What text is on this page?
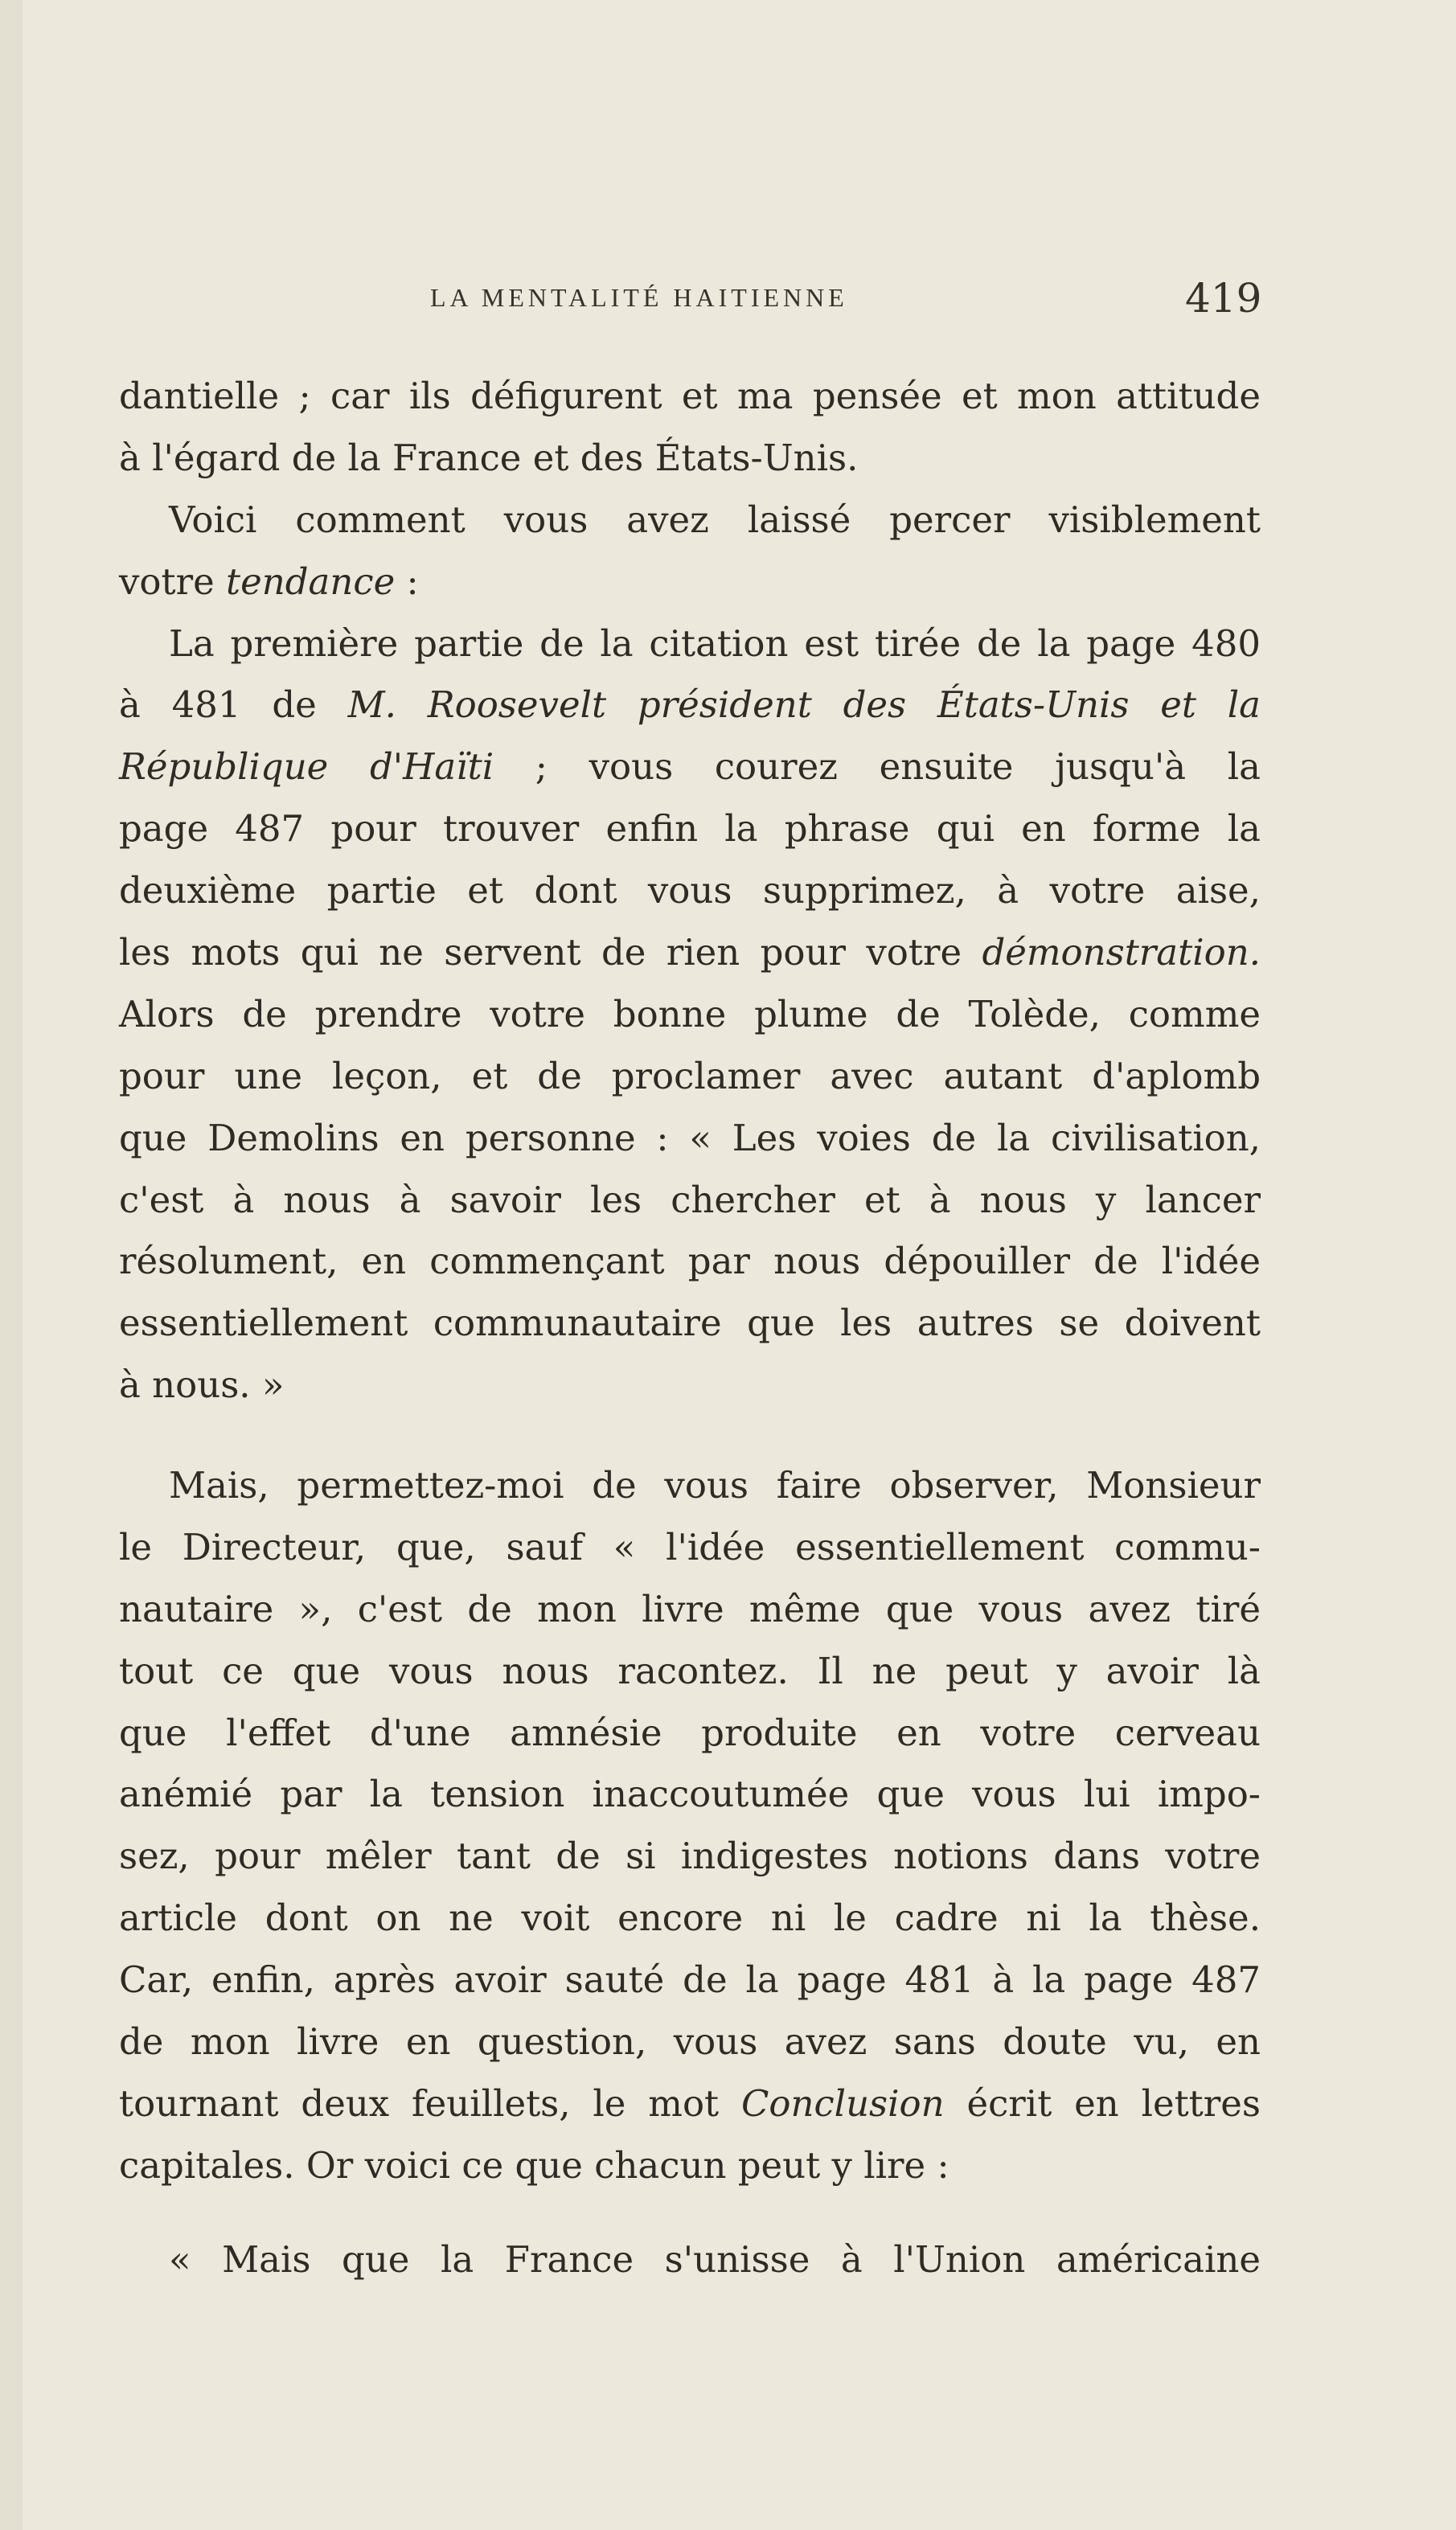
LA MENTALITÉ HAITIENNE	419
dantielle ; car ils défigurent et ma pensée et mon attitude
à l'égard de la France et des États-Unis.
Voici comment vous avez laissé percer visiblement
votre tendance :
La première partie de la citation est tirée de la page 480
à 481 de M. Roosevelt président des États-Unis et la
République d'Haïti ; vous courez ensuite jusqu'à la
page 487 pour trouver enfin la phrase qui en forme la
deuxième partie et dont vous supprimez, à votre aise,
les mots qui ne servent de rien pour votre démonstration.
Alors de prendre votre bonne plume de Tolède, comme
pour une leçon, et de proclamer avec autant d'aplomb
que Demolins en personne : « Les voies de la civilisation,
c'est à nous à savoir les chercher et à nous y lancer
résolument, en commençant par nous dépouiller de l'idée
essentiellement communautaire que les autres se doivent
à nous. »
Mais, permettez-moi de vous faire observer, Monsieur
le Directeur, que, sauf « l'idée essentiellement commu-
nautaire », c'est de mon livre même que vous avez tiré
tout ce que vous nous racontez. Il ne peut y avoir là
que l'effet d'une amnésie produite en votre cerveau
anémié par la tension inaccoutumée que vous lui impo-
sez, pour mêler tant de si indigestes notions dans votre
article dont on ne voit encore ni le cadre ni la thèse.
Car, enfin, après avoir sauté de la page 481 à la page 487
de mon livre en question, vous avez sans doute vu, en
tournant deux feuillets, le mot Conclusion écrit en lettres
capitales. Or voici ce que chacun peut y lire :
« Mais que la France s'unisse à l'Union américaine
